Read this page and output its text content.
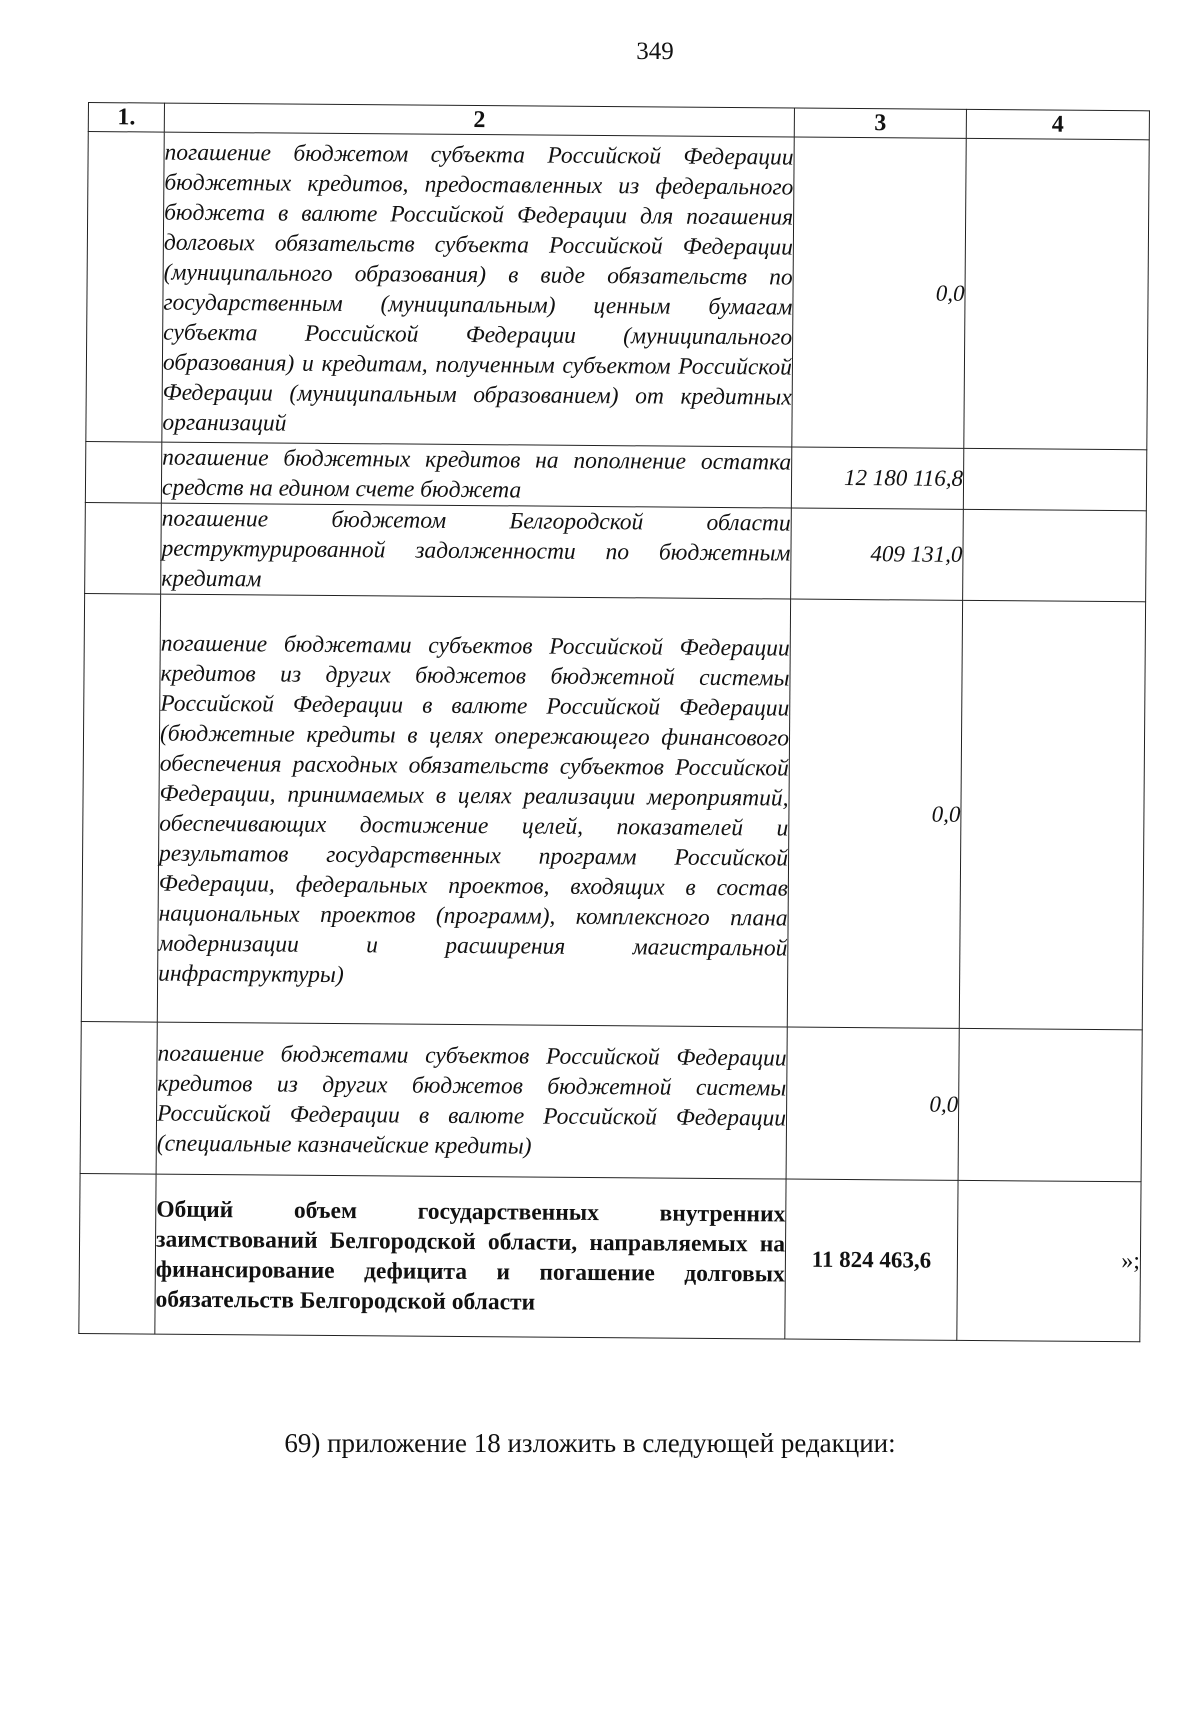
349
1.	2	3	4
	погашение бюджетом субъекта Российской Федерации бюджетных кредитов, предоставленных из федерального бюджета в валюте Российской Федерации для погашения долговых обязательств субъекта Российской Федерации (муниципального образования) в виде обязательств по государственным (муниципальным) ценным бумагам субъекта Российской Федерации (муниципального образования) и кредитам, полученным субъектом Российской Федерации (муниципальным образованием) от кредитных организаций	0,0	
	погашение бюджетных кредитов на пополнение остатка средств на едином счете бюджета	12 180 116,8	
	погашение бюджетом Белгородской области реструктурированной задолженности по бюджетным кредитам	409 131,0	
	погашение бюджетами субъектов Российской Федерации кредитов из других бюджетов бюджетной системы Российской Федерации в валюте Российской Федерации (бюджетные кредиты в целях опережающего финансового обеспечения расходных обязательств субъектов Российской Федерации, принимаемых в целях реализации мероприятий, обеспечивающих достижение целей, показателей и результатов государственных программ Российской Федерации, федеральных проектов, входящих в состав национальных проектов (программ), комплексного плана модернизации и расширения магистральной инфраструктуры)	0,0	
	погашение бюджетами субъектов Российской Федерации кредитов из других бюджетов бюджетной системы Российской Федерации в валюте Российской Федерации (специальные казначейские кредиты)	0,0	
	Общий объем государственных внутренних заимствований Белгородской области, направляемых на финансирование дефицита и погашение долговых обязательств Белгородской области	11 824 463,6	»;
69) приложение 18 изложить в следующей редакции:
